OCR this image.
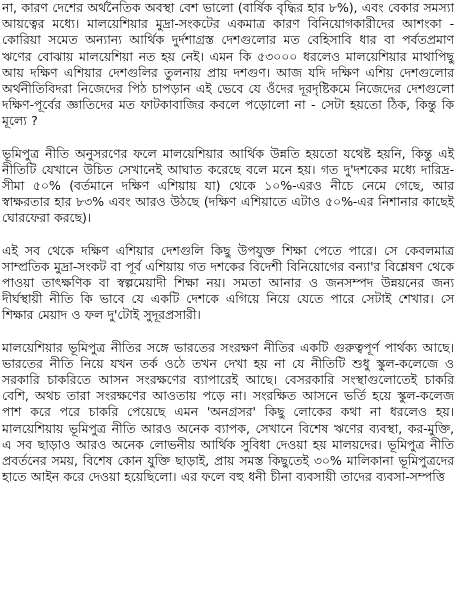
না, কারণ দেশের অর্থনৈতিক অবস্থা বেশ ভালো (বার্ষিক বৃদ্ধির হার ৮%), এবং বেকার সমস্যা আয়ত্বের মধ্যে। মালয়েশিয়ার মুদ্রা-সংকটের একমাত্র কারণ বিনিয়োগকারীদের আশংকা - কোরিয়া সমেত অন্যান্য আর্থিক দুর্দশাগ্রস্ত দেশগুলোর মত বেহিসাবি ধার বা পর্বতপ্রমাণ ঋণের বোঝায় মালয়েশিয়া নত হয় নেই। এমন কি ৫৩০০০ ধরলেও মালয়েশিয়ার মাথাপিছু আয় দক্ষিণ এশিয়ার দেশগুলির তুলনায় প্রায় দশগুণ। আজ যদি দক্ষিণ এশিয় দেশগুলোর অর্থনীতিবিদরা নিজেদের পিঠ চাপড়ান এই ভেবে যে ওঁদের দূরদৃষ্টিকমে নিজেদের দেশগুলো দক্ষিণ-পূর্বের জ্ঞাতিদের মত ফাটকাবাজির কবলে পড়োলো না - সেটা হয়তো ঠিক, কিন্তু কি মূল্যে ?

ভূমিপুত্র নীতি অনুসরণের ফলে মালয়েশিয়ার আর্থিক উন্নতি হয়তো যথেষ্ট হয়নি, কিন্তু এই নীতিটি যেখানে উচিত সেখানেই আঘাত করেছে বলে মনে হয়। গত দু'দশকের মধ্যে দারিদ্র-সীমা ৫০% (বর্তমানে দক্ষিণ এশিয়ায় যা) থেকে ১০%-এরও নীচে নেমে গেছে, আর স্বাক্ষরতার হার ৮৩% এবং আরও উঠছে (দক্ষিণ এশিয়াতে এটাও ৫০%-এর নিশানার কাছেই ঘোরফেরা করছে)।

এই সব থেকে দক্ষিণ এশিয়ার দেশগুলি কিছু উপযুক্ত শিক্ষা পেতে পারে। সে কেবলমাত্র সাম্প্রতিক মুদ্রা-সংকট বা পূর্ব এশিয়ায় গত দশকের বিদেশী বিনিয়োগের বন্যা'র বিশ্লেষণ থেকে পাওয়া তাৎক্ষণিক বা স্বল্পমেয়াদী শিক্ষা নয়। সমতা আনার ও জনসম্পদ উন্নয়নের জন্য দীর্ঘস্থায়ী নীতি কি ভাবে যে একটি দেশকে এগিয়ে নিয়ে যেতে পারে সেটাই শেখার। সে শিক্ষার মেয়াদ ও ফল দু'টোই সুদূরপ্রসারী।

মালয়েশিয়ার ভূমিপুত্র নীতির সঙ্গে ভারতের সংরক্ষণ নীতির একটি গুরুত্বপূর্ণ পার্থক্য আছে। ভারতের নীতি নিয়ে যখন তর্ক ওঠে তখন দেখা হয় না যে নীতিটি শুধু স্কুল-কলেজে ও সরকারি চাকরিতে আসন সংরক্ষণের ব্যাপারেই আছে। বেসরকারি সংস্থাগুলোতেই চাকরি বেশি, অথচ তারা সংরক্ষণের আওতায় পড়ে না। সংরক্ষিত আসনে ভর্তি হয়ে স্কুল-কলেজ পাশ করে পরে চাকরি পেয়েছে এমন 'অনগ্রসর' কিছু লোকের কথা না ধরলেও হয়। মালয়েশিয়ায় ভূমিপুত্র নীতি আরও অনেক ব্যাপক, সেখানে বিশেষ ঋণের ব্যবস্থা, কর-মুক্তি, এ সব ছাড়াও আরও অনেক লোভনীয় আর্থিক সুবিধা দেওয়া হয় মালয়দের। ভূমিপুত্র নীতি প্রবর্তনের সময়, বিশেষ কোন যুক্তি ছাড়াই, প্রায় সমস্ত কিছুতেই ৩০% মালিকানা ভূমিপুত্রদের হাতে আইন করে দেওয়া হয়েছিলো। এর ফলে বহু ধনী চীনা ব্যবসায়ী তাদের ব্যবসা-সম্পত্তি
